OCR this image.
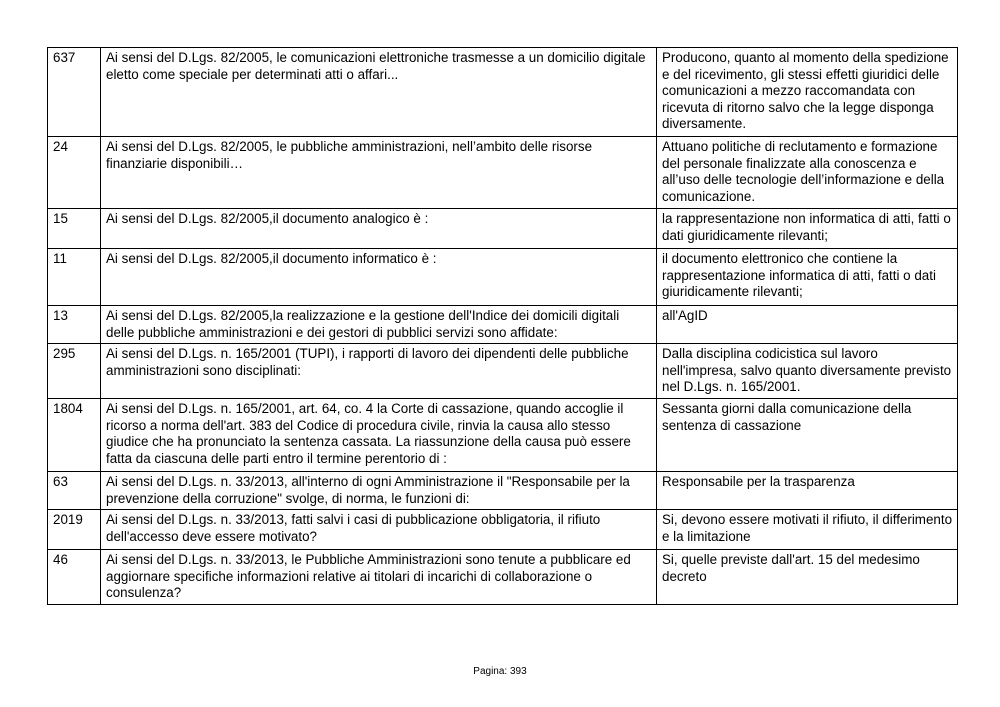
637	Ai sensi del D.Lgs. 82/2005, le comunicazioni elettroniche trasmesse a un domicilio digitale eletto come speciale per determinati atti o affari...	Producono, quanto al momento della spedizione e del ricevimento, gli stessi effetti giuridici delle comunicazioni a mezzo raccomandata con ricevuta di ritorno salvo che la legge disponga diversamente.
24	Ai sensi del D.Lgs. 82/2005, le pubbliche amministrazioni, nell’ambito delle risorse finanziarie disponibili…	Attuano politiche di reclutamento e formazione del personale finalizzate alla conoscenza e all’uso delle tecnologie dell’informazione e della comunicazione.
15	Ai sensi del D.Lgs. 82/2005,il documento analogico è :	la rappresentazione non informatica di atti, fatti o dati giuridicamente rilevanti;
11	Ai sensi del D.Lgs. 82/2005,il documento informatico è :	il documento elettronico che contiene la rappresentazione informatica di atti, fatti o dati giuridicamente rilevanti;
13	Ai sensi del D.Lgs. 82/2005,la realizzazione e la gestione dell'Indice dei domicili digitali delle pubbliche amministrazioni e dei gestori di pubblici servizi sono affidate:	all'AgID
295	Ai sensi del D.Lgs. n. 165/2001 (TUPI), i rapporti di lavoro dei dipendenti delle pubbliche amministrazioni sono disciplinati:	Dalla disciplina codicistica sul lavoro nell'impresa, salvo quanto diversamente previsto nel D.Lgs. n. 165/2001.
1804	Ai sensi del D.Lgs. n. 165/2001, art. 64, co. 4 la Corte di cassazione, quando accoglie il ricorso a norma dell'art. 383 del Codice di procedura civile, rinvia la causa allo stesso giudice che ha pronunciato la sentenza cassata. La riassunzione della causa può essere fatta da ciascuna delle parti entro il termine perentorio di :	Sessanta giorni dalla comunicazione della sentenza di cassazione
63	Ai sensi del D.Lgs. n. 33/2013, all'interno di ogni Amministrazione il "Responsabile per la prevenzione della corruzione" svolge, di norma, le funzioni di:	Responsabile per la trasparenza
2019	Ai sensi del D.Lgs. n. 33/2013, fatti salvi i casi di pubblicazione obbligatoria, il rifiuto dell'accesso deve essere motivato?	Si, devono essere motivati il rifiuto, il differimento e la limitazione
46	Ai sensi del D.Lgs. n. 33/2013, le Pubbliche Amministrazioni sono tenute a pubblicare ed aggiornare specifiche informazioni relative ai titolari di incarichi di collaborazione o consulenza?	Si, quelle previste dall'art. 15 del medesimo decreto
Pagina: 393
